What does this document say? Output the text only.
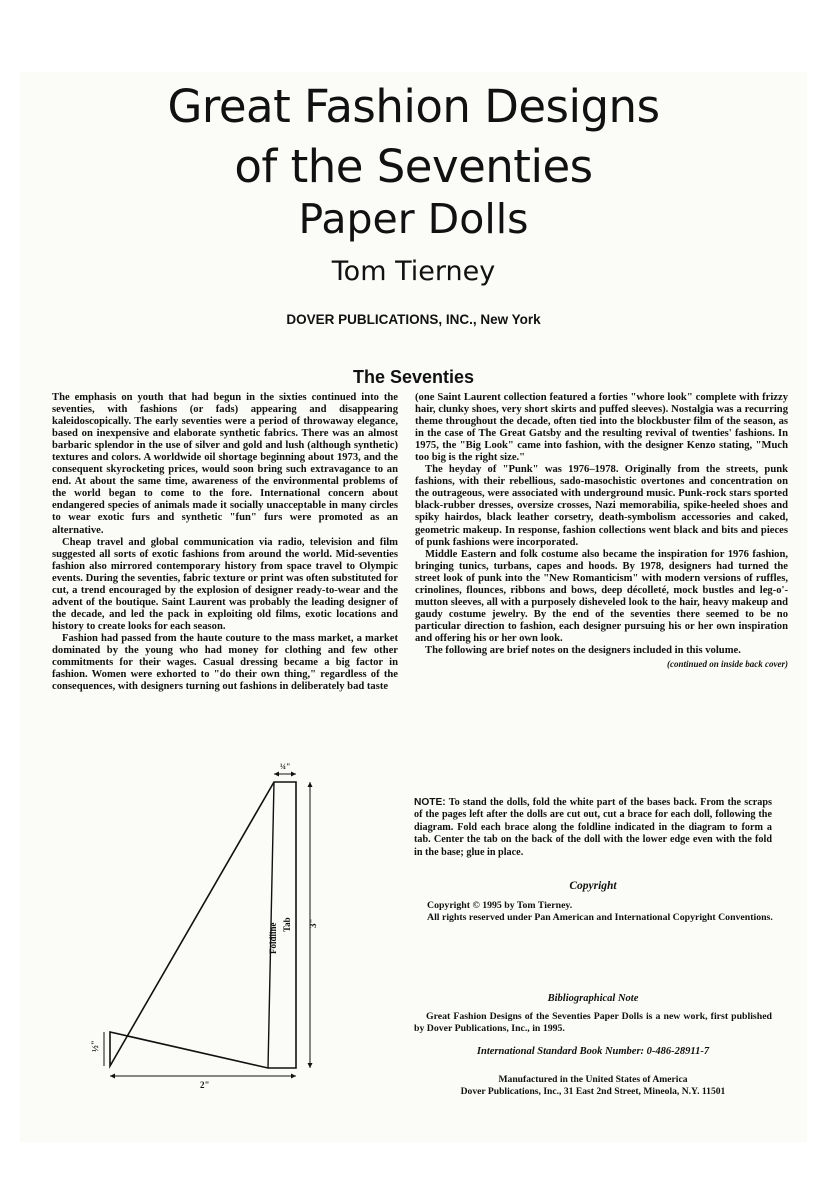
Great Fashion Designs
of the Seventies
Paper Dolls
Tom Tierney
DOVER PUBLICATIONS, INC., New York
The Seventies

The emphasis on youth that had begun in the sixties continued into the seventies, with fashions (or fads) appearing and disappearing kaleidoscopically. The early seventies were a period of throwaway elegance, based on inexpensive and elaborate synthetic fabrics. There was an almost barbaric splendor in the use of silver and gold and lush (although synthetic) textures and colors. A worldwide oil shortage beginning about 1973, and the consequent skyrocketing prices, would soon bring such extravagance to an end. At about the same time, awareness of the environmental problems of the world began to come to the fore. International concern about endangered species of animals made it socially unacceptable in many circles to wear exotic furs and synthetic "fun" furs were promoted as an alternative.

Cheap travel and global communication via radio, television and film suggested all sorts of exotic fashions from around the world. Mid-seventies fashion also mirrored contemporary history from space travel to Olympic events. During the seventies, fabric texture or print was often substituted for cut, a trend encouraged by the explosion of designer ready-to-wear and the advent of the boutique. Saint Laurent was probably the leading designer of the decade, and led the pack in exploiting old films, exotic locations and history to create looks for each season.

Fashion had passed from the haute couture to the mass market, a market dominated by the young who had money for clothing and few other commitments for their wages. Casual dressing became a big factor in fashion. Women were exhorted to "do their own thing," regardless of the consequences, with designers turning out fashions in deliberately bad taste

(one Saint Laurent collection featured a forties "whore look" complete with frizzy hair, clunky shoes, very short skirts and puffed sleeves). Nostalgia was a recurring theme throughout the decade, often tied into the blockbuster film of the season, as in the case of The Great Gatsby and the resulting revival of twenties' fashions. In 1975, the "Big Look" came into fashion, with the designer Kenzo stating, "Much too big is the right size."

The heyday of "Punk" was 1976–1978. Originally from the streets, punk fashions, with their rebellious, sado-masochistic overtones and concentration on the outrageous, were associated with underground music. Punk-rock stars sported black-rubber dresses, oversize crosses, Nazi memorabilia, spike-heeled shoes and spiky hairdos, black leather corsetry, death-symbolism accessories and caked, geometric makeup. In response, fashion collections went black and bits and pieces of punk fashions were incorporated.

Middle Eastern and folk costume also became the inspiration for 1976 fashion, bringing tunics, turbans, capes and hoods. By 1978, designers had turned the street look of punk into the "New Romanticism" with modern versions of ruffles, crinolines, flounces, ribbons and bows, deep décolleté, mock bustles and leg-o'-mutton sleeves, all with a purposely disheveled look to the hair, heavy makeup and gaudy costume jewelry. By the end of the seventies there seemed to be no particular direction to fashion, each designer pursuing his or her own inspiration and offering his or her own look.

The following are brief notes on the designers included in this volume.

(continued on inside back cover)
¼"
3"
2"
½"
Foldline Tab
NOTE: To stand the dolls, fold the white part of the bases back. From the scraps of the pages left after the dolls are cut out, cut a brace for each doll, following the diagram. Fold each brace along the foldline indicated in the diagram to form a tab. Center the tab on the back of the doll with the lower edge even with the fold in the base; glue in place.
Copyright
Copyright © 1995 by Tom Tierney.
All rights reserved under Pan American and International Copyright Conventions.
Bibliographical Note
Great Fashion Designs of the Seventies Paper Dolls is a new work, first published by Dover Publications, Inc., in 1995.
International Standard Book Number: 0-486-28911-7
Manufactured in the United States of America
Dover Publications, Inc., 31 East 2nd Street, Mineola, N.Y. 11501
